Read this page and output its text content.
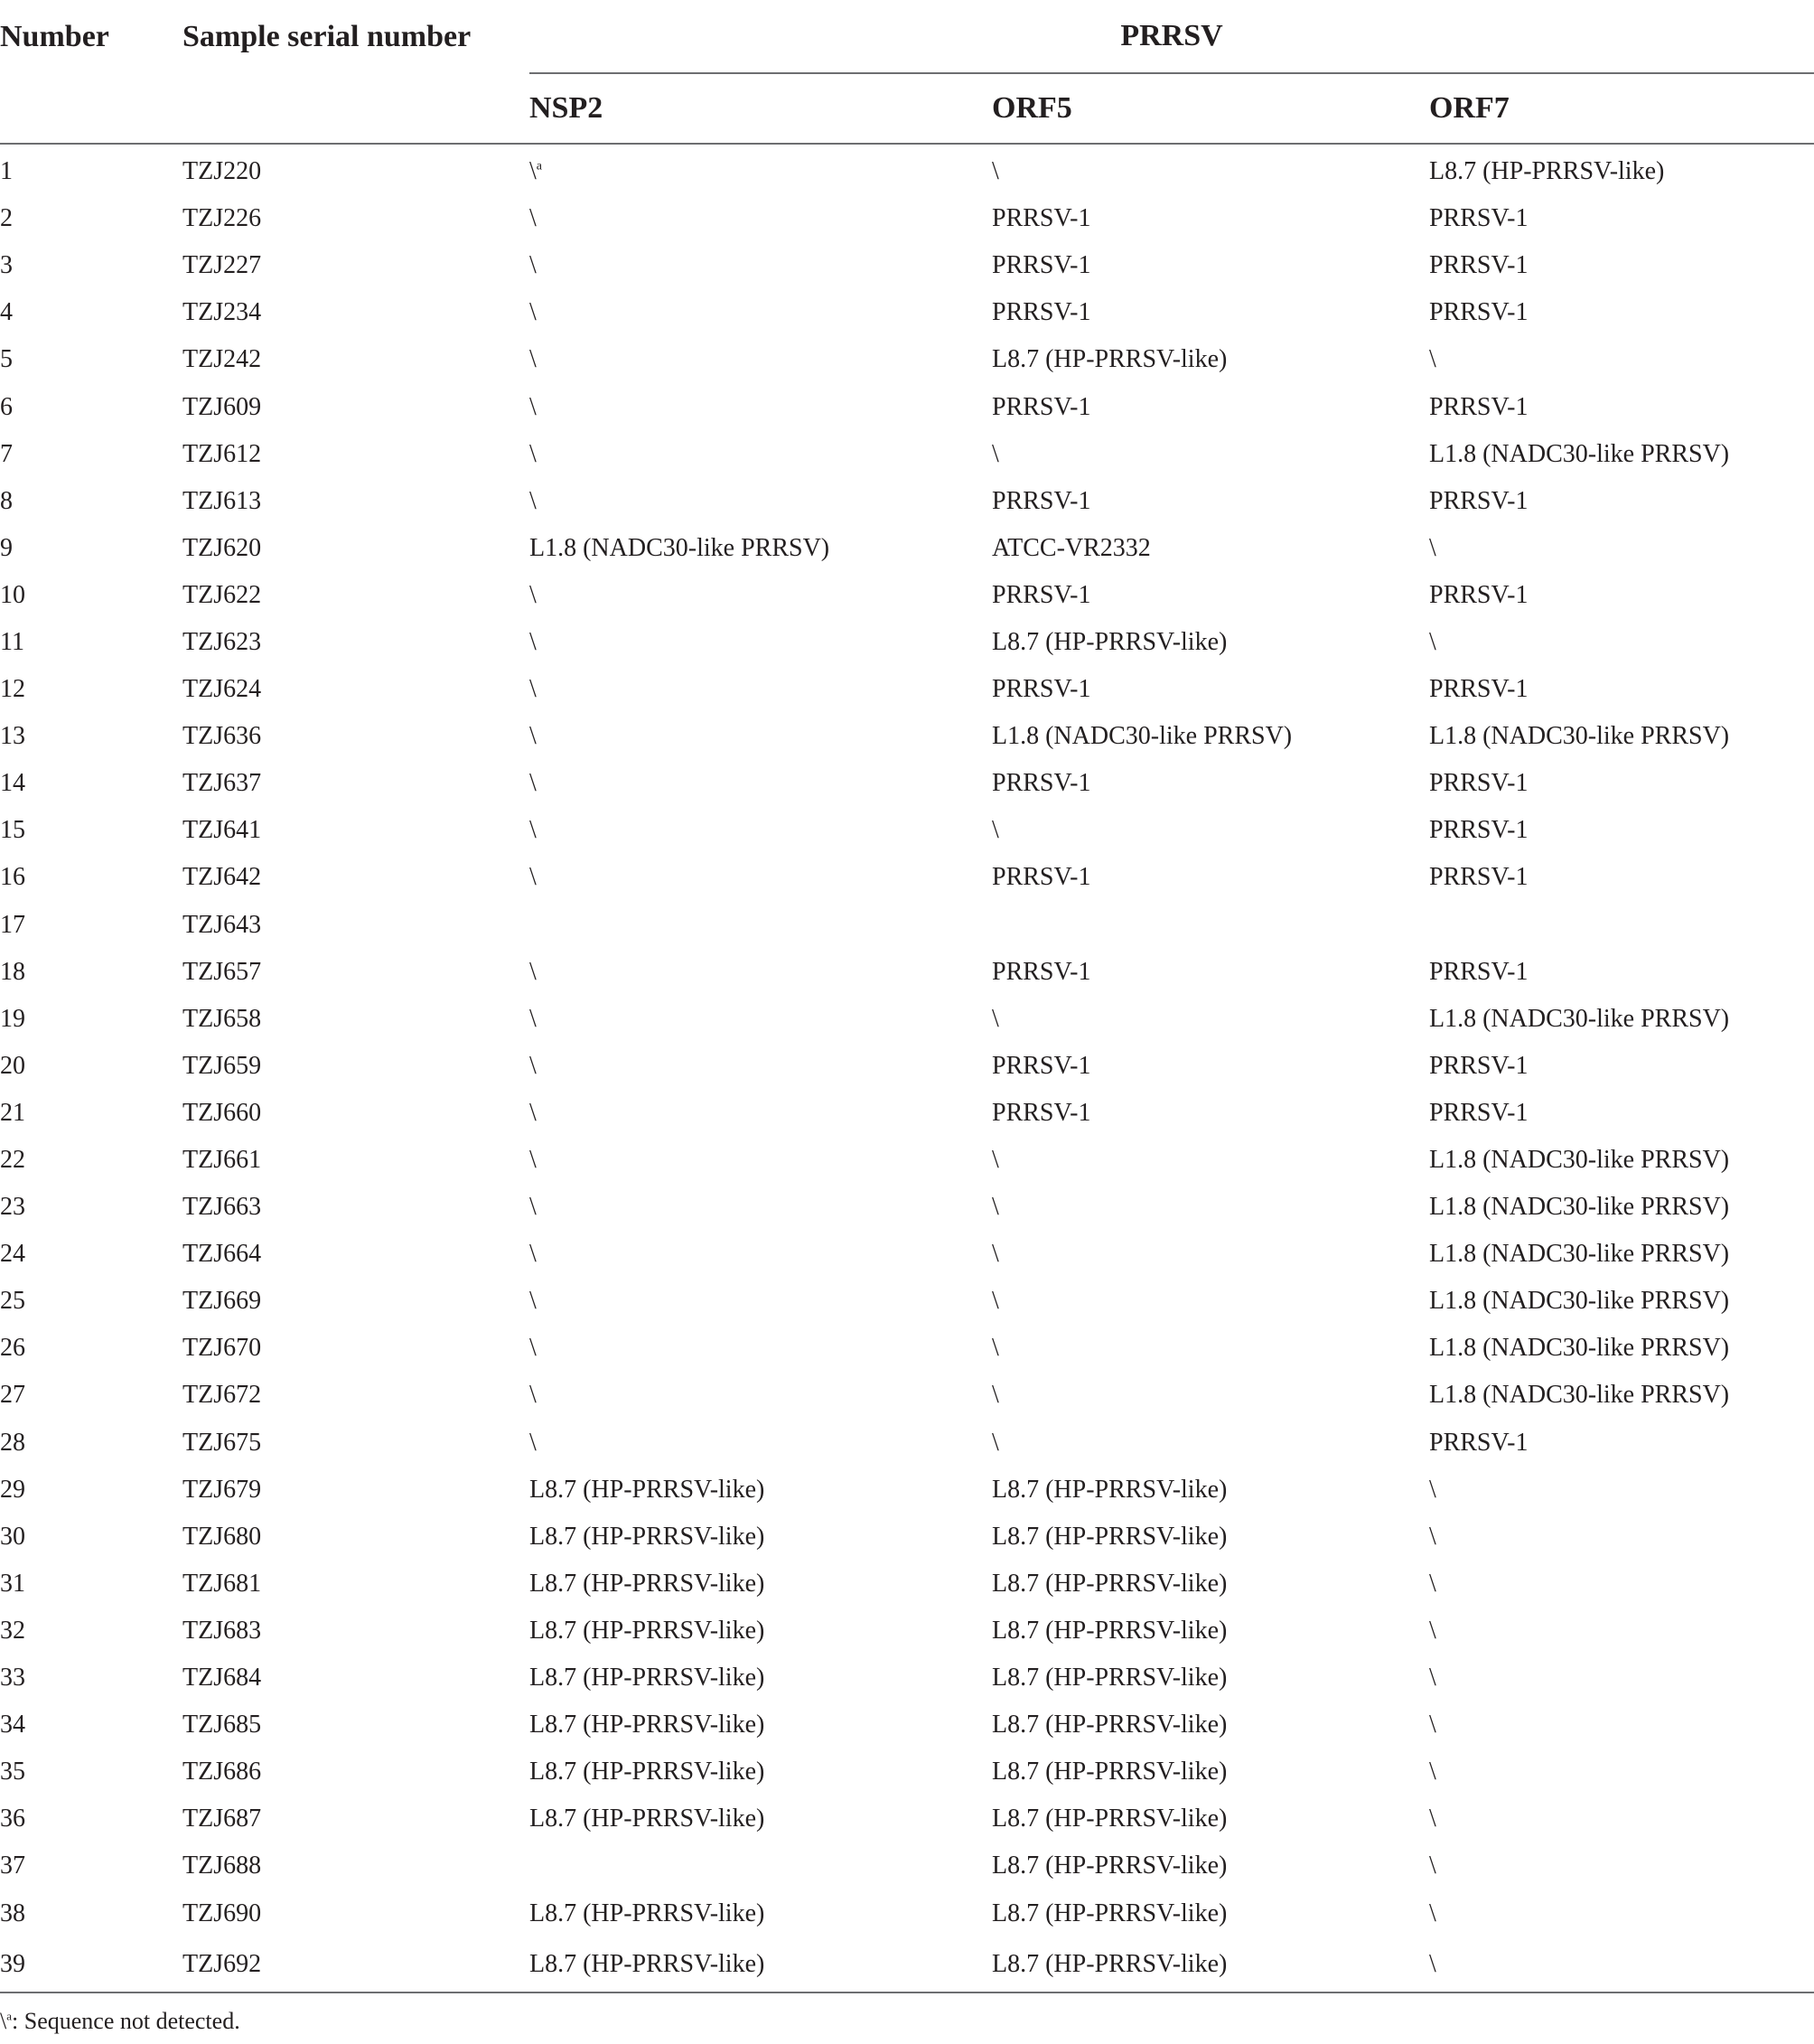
Number	Sample serial number	PRRSV		
		NSP2	ORF5	ORF7
1	TZJ220	\$^a$	\	L8.7 (HP-PRRSV-like)
2	TZJ226	\	PRRSV-1	PRRSV-1
3	TZJ227	\	PRRSV-1	PRRSV-1
4	TZJ234	\	PRRSV-1	PRRSV-1
5	TZJ242	\	L8.7 (HP-PRRSV-like)	\
6	TZJ609	\	PRRSV-1	PRRSV-1
7	TZJ612	\	\	L1.8 (NADC30-like PRRSV)
8	TZJ613	\	PRRSV-1	PRRSV-1
9	TZJ620	L1.8 (NADC30-like PRRSV)	ATCC-VR2332	\
10	TZJ622	\	PRRSV-1	PRRSV-1
11	TZJ623	\	L8.7 (HP-PRRSV-like)	\
12	TZJ624	\	PRRSV-1	PRRSV-1
13	TZJ636	\	L1.8 (NADC30-like PRRSV)	L1.8 (NADC30-like PRRSV)
14	TZJ637	\	PRRSV-1	PRRSV-1
15	TZJ641	\	\	PRRSV-1
16	TZJ642	\	PRRSV-1	PRRSV-1
17	TZJ643			
18	TZJ657	\	PRRSV-1	PRRSV-1
19	TZJ658	\	\	L1.8 (NADC30-like PRRSV)
20	TZJ659	\	PRRSV-1	PRRSV-1
21	TZJ660	\	PRRSV-1	PRRSV-1
22	TZJ661	\	\	L1.8 (NADC30-like PRRSV)
23	TZJ663	\	\	L1.8 (NADC30-like PRRSV)
24	TZJ664	\	\	L1.8 (NADC30-like PRRSV)
25	TZJ669	\	\	L1.8 (NADC30-like PRRSV)
26	TZJ670	\	\	L1.8 (NADC30-like PRRSV)
27	TZJ672	\	\	L1.8 (NADC30-like PRRSV)
28	TZJ675	\	\	PRRSV-1
29	TZJ679	L8.7 (HP-PRRSV-like)	L8.7 (HP-PRRSV-like)	\
30	TZJ680	L8.7 (HP-PRRSV-like)	L8.7 (HP-PRRSV-like)	\
31	TZJ681	L8.7 (HP-PRRSV-like)	L8.7 (HP-PRRSV-like)	\
32	TZJ683	L8.7 (HP-PRRSV-like)	L8.7 (HP-PRRSV-like)	\
33	TZJ684	L8.7 (HP-PRRSV-like)	L8.7 (HP-PRRSV-like)	\
34	TZJ685	L8.7 (HP-PRRSV-like)	L8.7 (HP-PRRSV-like)	\
35	TZJ686	L8.7 (HP-PRRSV-like)	L8.7 (HP-PRRSV-like)	\
36	TZJ687	L8.7 (HP-PRRSV-like)	L8.7 (HP-PRRSV-like)	\
37	TZJ688		L8.7 (HP-PRRSV-like)	\
38	TZJ690	L8.7 (HP-PRRSV-like)	L8.7 (HP-PRRSV-like)	\
39	TZJ692	L8.7 (HP-PRRSV-like)	L8.7 (HP-PRRSV-like)	\
\$^a$: Sequence not detected.
